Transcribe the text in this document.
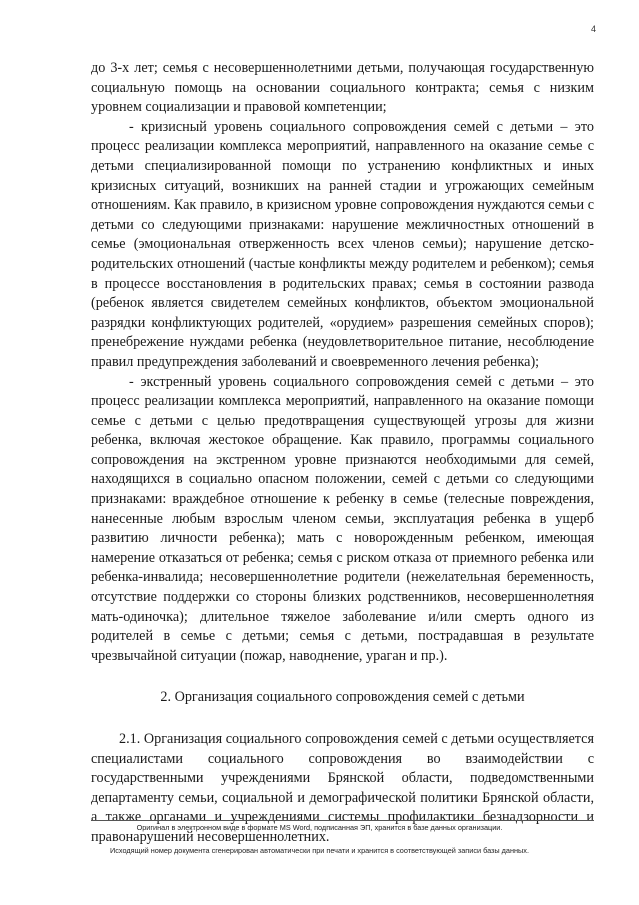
4

до 3-х лет; семья с несовершеннолетними детьми, получающая государственную социальную помощь на основании социального контракта; семья с низким уровнем социализации и правовой компетенции;

- кризисный уровень социального сопровождения семей с детьми – это процесс реализации комплекса мероприятий, направленного на оказание семье с детьми специализированной помощи по устранению конфликтных и иных кризисных ситуаций, возникших на ранней стадии и угрожающих семейным отношениям. Как правило, в кризисном уровне сопровождения нуждаются семьи с детьми со следующими признаками: нарушение межличностных отношений в семье (эмоциональная отверженность всех членов семьи); нарушение детско-родительских отношений (частые конфликты между родителем и ребенком); семья в процессе восстановления в родительских правах; семья в состоянии развода (ребенок является свидетелем семейных конфликтов, объектом эмоциональной разрядки конфликтующих родителей, «орудием» разрешения семейных споров); пренебрежение нуждами ребенка (неудовлетворительное питание, несоблюдение правил предупреждения заболеваний и своевременного лечения ребенка);

- экстренный уровень социального сопровождения семей с детьми – это процесс реализации комплекса мероприятий, направленного на оказание помощи семье с детьми с целью предотвращения существующей угрозы для жизни ребенка, включая жестокое обращение. Как правило, программы социального сопровождения на экстренном уровне признаются необходимыми для семей, находящихся в социально опасном положении, семей с детьми со следующими признаками: враждебное отношение к ребенку в семье (телесные повреждения, нанесенные любым взрослым членом семьи, эксплуатация ребенка в ущерб развитию личности ребенка); мать с новорожденным ребенком, имеющая намерение отказаться от ребенка; семья с риском отказа от приемного ребенка или ребенка-инвалида; несовершеннолетние родители (нежелательная беременность, отсутствие поддержки со стороны близких родственников, несовершеннолетняя мать-одиночка); длительное тяжелое заболевание и/или смерть одного из родителей в семье с детьми; семья с детьми, пострадавшая в результате чрезвычайной ситуации (пожар, наводнение, ураган и пр.).

2. Организация социального сопровождения семей с детьми

2.1. Организация социального сопровождения семей с детьми осуществляется специалистами социального сопровождения во взаимодействии с государственными учреждениями Брянской области, подведомственными департаменту семьи, социальной и демографической политики Брянской области, а также органами и учреждениями системы профилактики безнадзорности и правонарушений несовершеннолетних.

Оригинал в электронном виде в формате MS Word, подписанная ЭП, хранится в базе данных организации.
Исходящий номер документа сгенерирован автоматически при печати и хранится в соответствующей записи базы данных.
